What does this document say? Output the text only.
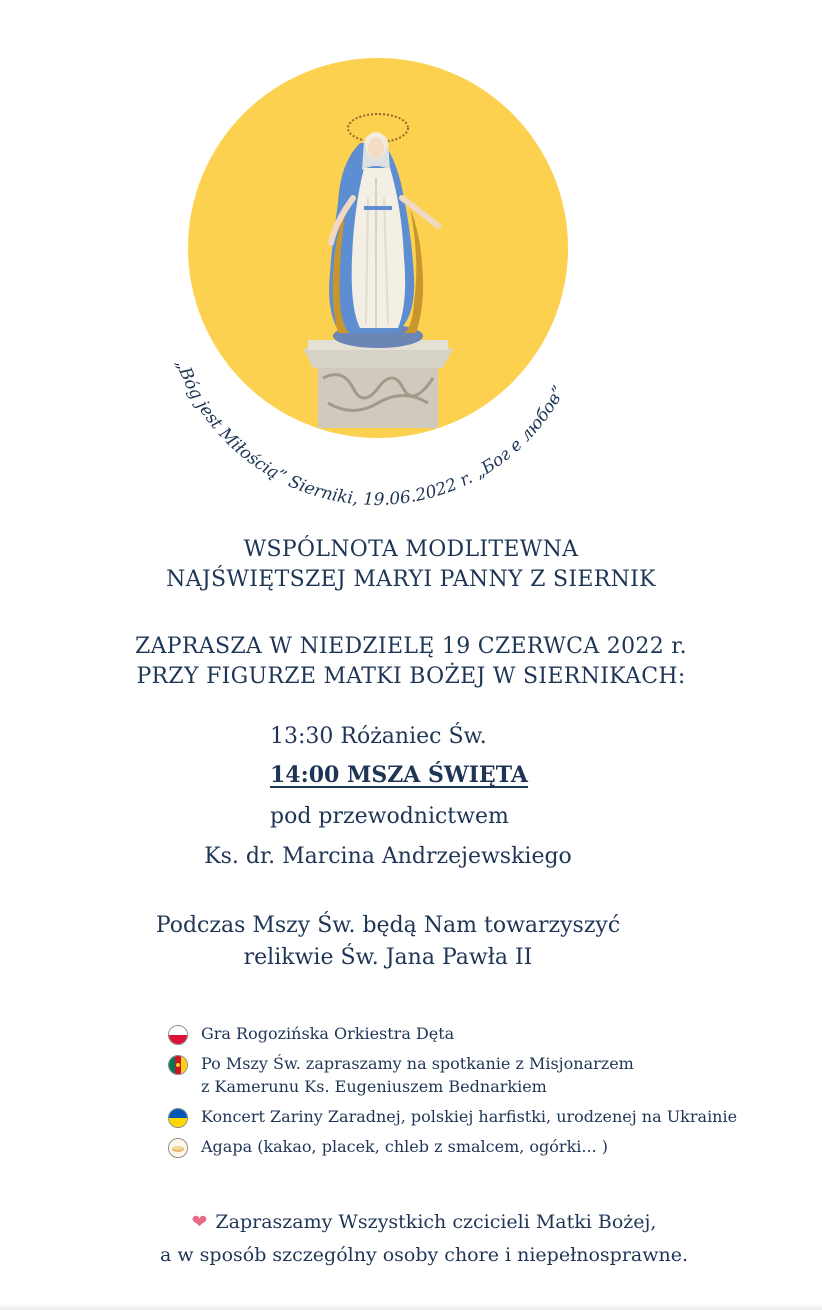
„Bóg jest Miłością” Sierniki, 19.06.2022 r. „Бог е любов”
WSPÓLNOTA MODLITEWNA
NAJŚWIĘTSZEJ MARYI PANNY Z SIERNIK
ZAPRASZA W NIEDZIELĘ 19 CZERWCA 2022 r.
PRZY FIGURZE MATKI BOŻEJ W SIERNIKACH:
13:30 Różaniec Św.
14:00 MSZA ŚWIĘTA
pod przewodnictwem
Ks. dr. Marcina Andrzejewskiego
Podczas Mszy Św. będą Nam towarzyszyć
relikwie Św. Jana Pawła II
Gra Rogozińska Orkiestra Dęta
Po Mszy Św. zapraszamy na spotkanie z Misjonarzem
z Kamerunu Ks. Eugeniuszem Bednarkiem
Koncert Zariny Zaradnej, polskiej harfistki, urodzenej na Ukrainie
Agapa (kakao, placek, chleb z smalcem, ogórki... )
❤ Zapraszamy Wszystkich czcicieli Matki Bożej,
a w sposób szczególny osoby chore i niepełnosprawne.
